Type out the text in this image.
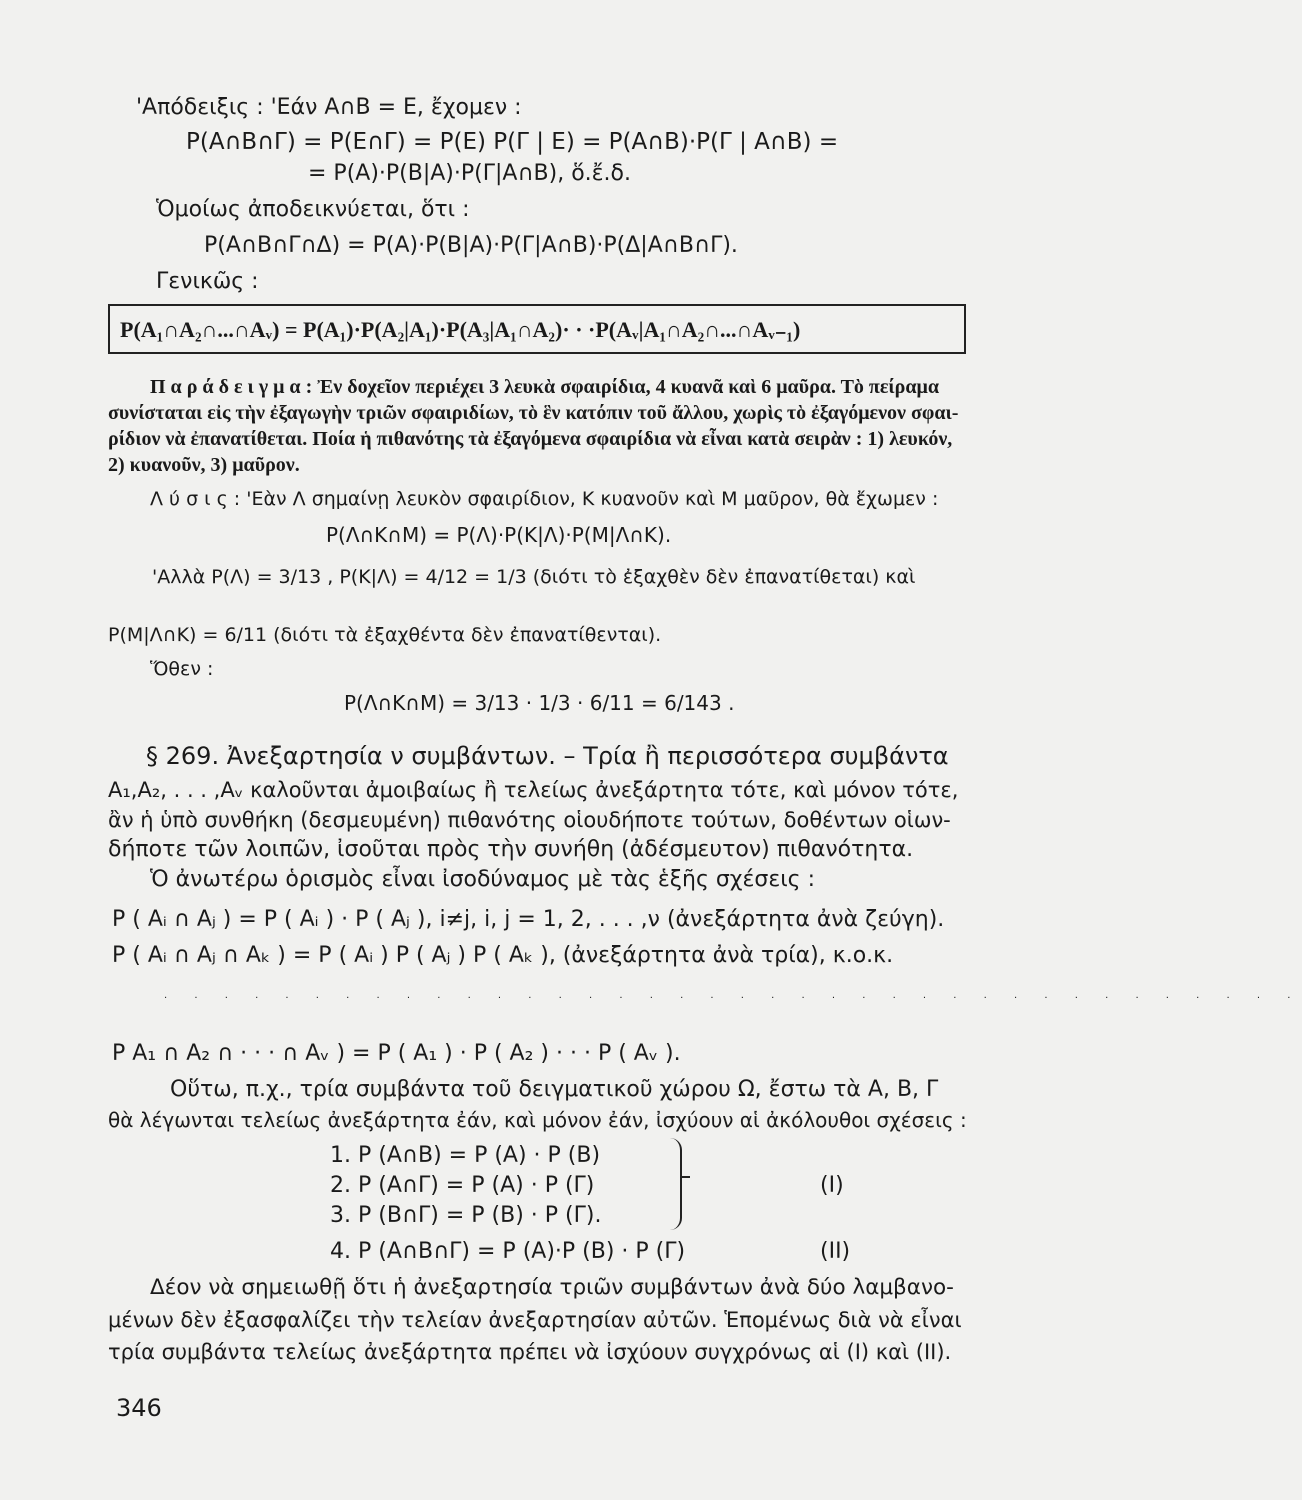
'Απόδειξις : 'Εάν Α∩Β = Ε, ἔχομεν :
Ρ(Α∩Β∩Γ) = Ρ(Ε∩Γ) = Ρ(Ε) Ρ(Γ | Ε) = Ρ(Α∩Β)·Ρ(Γ | Α∩Β) =
= Ρ(Α)·Ρ(Β|Α)·Ρ(Γ|Α∩Β), ὅ.ἔ.δ.
Ὁμοίως ἀποδεικνύεται, ὅτι :
Ρ(Α∩Β∩Γ∩Δ) = Ρ(Α)·Ρ(Β|Α)·Ρ(Γ|Α∩Β)·Ρ(Δ|Α∩Β∩Γ).
Γενικῶς :
Ρ(Α₁∩Α₂∩...∩Αᵥ) = Ρ(Α₁)·Ρ(Α₂|Α₁)·Ρ(Α₃|Α₁∩Α₂)· · ·Ρ(Αᵥ|Α₁∩Α₂∩...∩Αᵥ₋₁)
Π α ρ ά δ ε ι γ μ α : Ἐν δοχεῖον περιέχει 3 λευκὰ σφαιρίδια, 4 κυανᾶ καὶ 6 μαῦρα. Τὸ πείραμα
συνίσταται εἰς τὴν ἐξαγωγὴν τριῶν σφαιριδίων, τὸ ἓν κατόπιν τοῦ ἄλλου, χωρὶς τὸ ἐξαγόμενον σφαι-
ρίδιον νὰ ἐπανατίθεται. Ποία ἡ πιθανότης τὰ ἐξαγόμενα σφαιρίδια νὰ εἶναι κατὰ σειρὰν : 1) λευκόν,
2) κυανοῦν, 3) μαῦρον.
Λ ύ σ ι ς : 'Εὰν Λ σημαίνῃ λευκὸν σφαιρίδιον, Κ κυανοῦν καὶ Μ μαῦρον, θὰ ἔχωμεν :
Ρ(Λ∩Κ∩Μ) = Ρ(Λ)·Ρ(Κ|Λ)·Ρ(Μ|Λ∩Κ).
'Αλλὰ Ρ(Λ) = 3/13 , Ρ(Κ|Λ) = 4/12 = 1/3 (διότι τὸ ἐξαχθὲν δὲν ἐπανατίθεται) καὶ
Ρ(Μ|Λ∩Κ) = 6/11 (διότι τὰ ἐξαχθέντα δὲν ἐπανατίθενται).
Ὅθεν :
Ρ(Λ∩Κ∩Μ) = 3/13 · 1/3 · 6/11 = 6/143 .
§ 269. Ἀνεξαρτησία ν συμβάντων. – Τρία ἢ περισσότερα συμβάντα
Α₁,Α₂, . . . ,Αᵥ καλοῦνται ἀμοιβαίως ἢ τελείως ἀνεξάρτητα τότε, καὶ μόνον τότε,
ἂν ἡ ὑπὸ συνθήκη (δεσμευμένη) πιθανότης οἱουδήποτε τούτων, δοθέντων οἱων-
δήποτε τῶν λοιπῶν, ἰσοῦται πρὸς τὴν συνήθη (ἀδέσμευτον) πιθανότητα.
Ὁ ἀνωτέρω ὁρισμὸς εἶναι ἰσοδύναμος μὲ τὰς ἑξῆς σχέσεις :
Ρ ( Αᵢ ∩ Αⱼ ) = Ρ ( Αᵢ ) · Ρ ( Αⱼ ), i≠j, i, j = 1, 2, . . . ,ν (ἀνεξάρτητα ἀνὰ ζεύγη).
Ρ ( Αᵢ ∩ Αⱼ ∩ Αₖ ) = Ρ ( Αᵢ ) Ρ ( Αⱼ ) Ρ ( Αₖ ), (ἀνεξάρτητα ἀνὰ τρία), κ.ο.κ.
. . . . . . . . . . . . . . . . . . . . . . . . . . . . . . . . . . . . . .
Ρ Α₁ ∩ Α₂ ∩ · · · ∩ Αᵥ ) = Ρ ( Α₁ ) · Ρ ( Α₂ ) · · · Ρ ( Αᵥ ).
Οὕτω, π.χ., τρία συμβάντα τοῦ δειγματικοῦ χώρου Ω, ἔστω τὰ Α, Β, Γ
θὰ λέγωνται τελείως ἀνεξάρτητα ἐάν, καὶ μόνον ἐάν, ἰσχύουν αἱ ἀκόλουθοι σχέσεις :
1. Ρ (Α∩Β) = Ρ (Α) · Ρ (Β)
2. Ρ (Α∩Γ) = Ρ (Α) · Ρ (Γ)
3. Ρ (Β∩Γ) = Ρ (Β) · Ρ (Γ).
(Ι)
4. Ρ (Α∩Β∩Γ) = Ρ (Α)·Ρ (Β) · Ρ (Γ)	(ΙΙ)
Δέον νὰ σημειωθῇ ὅτι ἡ ἀνεξαρτησία τριῶν συμβάντων ἀνὰ δύο λαμβανο-
μένων δὲν ἐξασφαλίζει τὴν τελείαν ἀνεξαρτησίαν αὐτῶν. Ἑπομένως διὰ νὰ εἶναι
τρία συμβάντα τελείως ἀνεξάρτητα πρέπει νὰ ἰσχύουν συγχρόνως αἱ (Ι) καὶ (ΙΙ).
346
